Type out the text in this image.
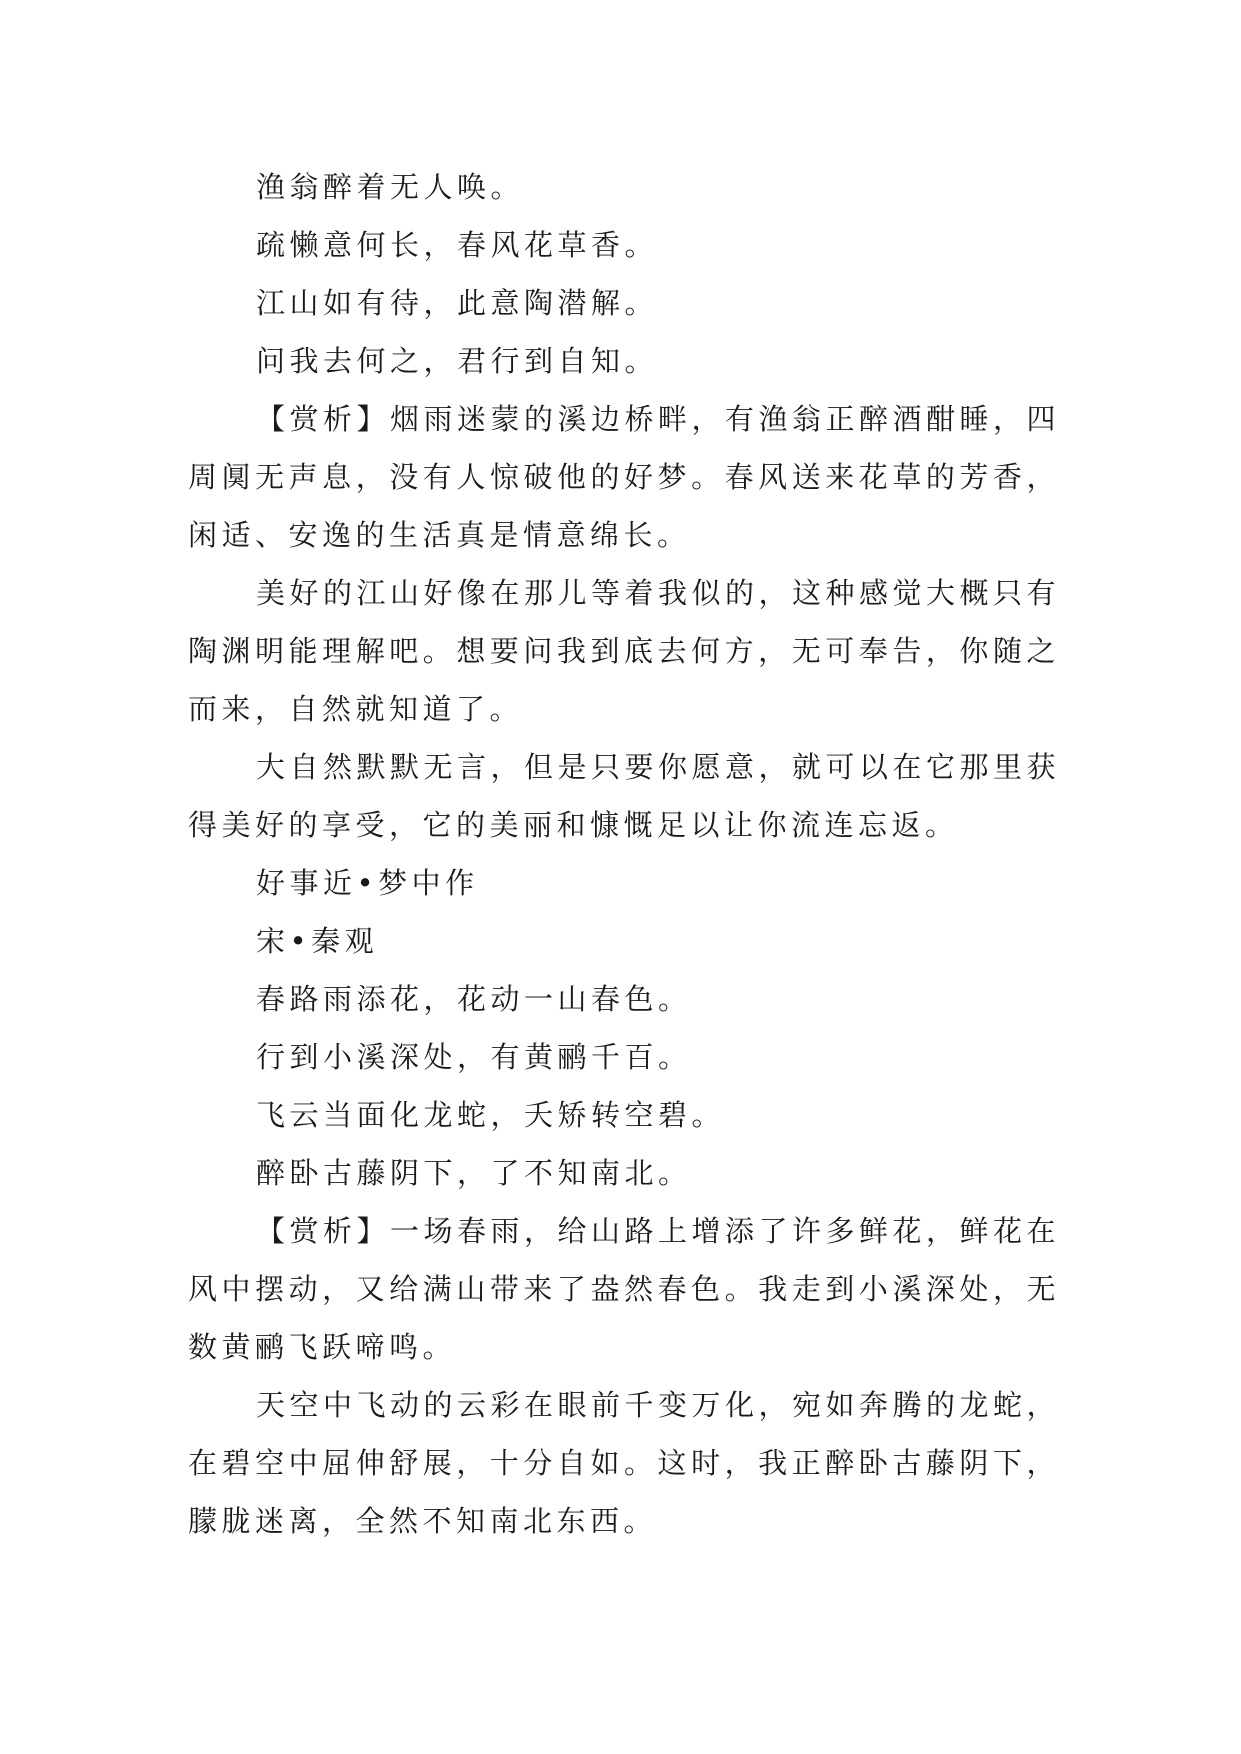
渔翁醉着无人唤。

疏懒意何长，春风花草香。

江山如有待，此意陶潜解。

问我去何之，君行到自知。

【赏析】烟雨迷蒙的溪边桥畔，有渔翁正醉酒酣睡，四周阒无声息，没有人惊破他的好梦。春风送来花草的芳香，闲适、安逸的生活真是情意绵长。

美好的江山好像在那儿等着我似的，这种感觉大概只有陶渊明能理解吧。想要问我到底去何方，无可奉告，你随之而来，自然就知道了。

大自然默默无言，但是只要你愿意，就可以在它那里获得美好的享受，它的美丽和慷慨足以让你流连忘返。

好事近•梦中作

宋•秦观

春路雨添花，花动一山春色。

行到小溪深处，有黄鹂千百。

飞云当面化龙蛇，夭矫转空碧。

醉卧古藤阴下，了不知南北。

【赏析】一场春雨，给山路上增添了许多鲜花，鲜花在风中摆动，又给满山带来了盎然春色。我走到小溪深处，无数黄鹂飞跃啼鸣。

天空中飞动的云彩在眼前千变万化，宛如奔腾的龙蛇，在碧空中屈伸舒展，十分自如。这时，我正醉卧古藤阴下，朦胧迷离，全然不知南北东西。
